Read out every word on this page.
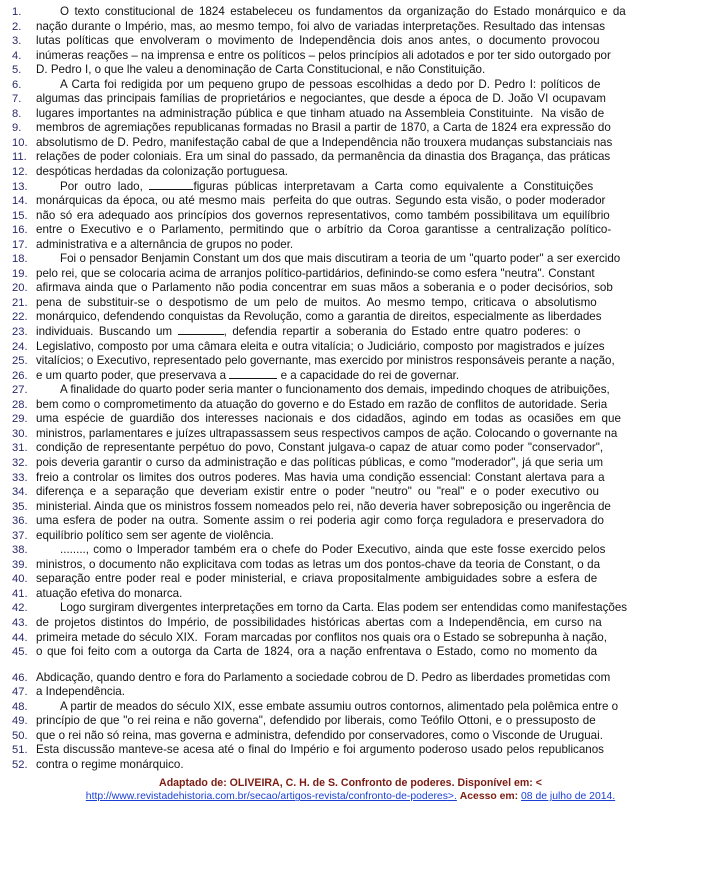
1.	O texto constitucional de 1824 estabeleceu os fundamentos da organização do Estado monárquico e da
2.	nação durante o Império, mas, ao mesmo tempo, foi alvo de variadas interpretações. Resultado das intensas
3.	lutas políticas que envolveram o movimento de Independência dois anos antes, o documento provocou
4.	inúmeras reações – na imprensa e entre os políticos – pelos princípios ali adotados e por ter sido outorgado por
5.	D. Pedro I, o que lhe valeu a denominação de Carta Constitucional, e não Constituição.
6.	A Carta foi redigida por um pequeno grupo de pessoas escolhidas a dedo por D. Pedro I: políticos de
7.	algumas das principais famílias de proprietários e negociantes, que desde a época de D. João VI ocupavam
8.	lugares importantes na administração pública e que tinham atuado na Assembleia Constituinte.  Na visão de
9.	membros de agremiações republicanas formadas no Brasil a partir de 1870, a Carta de 1824 era expressão do
10. absolutismo de D. Pedro, manifestação cabal de que a Independência não trouxera mudanças substanciais nas
11. relações de poder coloniais. Era um sinal do passado, da permanência da dinastia dos Bragança, das práticas
12. despóticas herdadas da colonização portuguesa.
13.	Por outro lado,	figuras públicas interpretavam a Carta como equivalente a Constituições
14. monárquicas da época, ou até mesmo mais  perfeita do que outras. Segundo esta visão, o poder moderador
15. não só era adequado aos princípios dos governos representativos, como também possibilitava um equilíbrio
16. entre o Executivo e o Parlamento, permitindo que o arbítrio da Coroa garantisse a centralização político-
17. administrativa e a alternância de grupos no poder.
18.	Foi o pensador Benjamin Constant um dos que mais discutiram a teoria de um "quarto poder" a ser exercido
19. pelo rei, que se colocaria acima de arranjos político-partidários, definindo-se como esfera "neutra". Constant
20. afirmava ainda que o Parlamento não podia concentrar em suas mãos a soberania e o poder decisórios, sob
21. pena de substituir-se o despotismo de um pelo de muitos. Ao mesmo tempo, criticava o absolutismo
22. monárquico, defendendo conquistas da Revolução, como a garantia de direitos, especialmente as liberdades
23. individuais. Buscando um	, defendia repartir a soberania do Estado entre quatro poderes: o
24. Legislativo, composto por uma câmara eleita e outra vitalícia; o Judiciário, composto por magistrados e juízes
25. vitalícios; o Executivo, representado pelo governante, mas exercido por ministros responsáveis perante a nação,
26. e um quarto poder, que preservava a	e a capacidade do rei de governar.
27.	A finalidade do quarto poder seria manter o funcionamento dos demais, impedindo choques de atribuições,
28. bem como o comprometimento da atuação do governo e do Estado em razão de conflitos de autoridade. Seria
29. uma espécie de guardião dos interesses nacionais e dos cidadãos, agindo em todas as ocasiões em que
30. ministros, parlamentares e juízes ultrapassassem seus respectivos campos de ação. Colocando o governante na
31. condição de representante perpétuo do povo, Constant julgava-o capaz de atuar como poder "conservador",
32. pois deveria garantir o curso da administração e das políticas públicas, e como "moderador", já que seria um
33. freio a controlar os limites dos outros poderes. Mas havia uma condição essencial: Constant alertava para a
34. diferença e a separação que deveriam existir entre o poder "neutro" ou "real" e o poder executivo ou
35. ministerial. Ainda que os ministros fossem nomeados pelo rei, não deveria haver sobreposição ou ingerência de
36. uma esfera de poder na outra. Somente assim o rei poderia agir como força reguladora e preservadora do
37. equilíbrio político sem ser agente de violência.
38.	........, como o Imperador também era o chefe do Poder Executivo, ainda que este fosse exercido pelos
39. ministros, o documento não explicitava com todas as letras um dos pontos-chave da teoria de Constant, o da
40. separação entre poder real e poder ministerial, e criava propositalmente ambiguidades sobre a esfera de
41. atuação efetiva do monarca.
42.	Logo surgiram divergentes interpretações em torno da Carta. Elas podem ser entendidas como manifestações
43. de projetos distintos do Império, de possibilidades históricas abertas com a Independência, em curso na
44. primeira metade do século XIX.  Foram marcadas por conflitos nos quais ora o Estado se sobrepunha à nação,
45. o que foi feito com a outorga da Carta de 1824, ora a nação enfrentava o Estado, como no momento da
46. Abdicação, quando dentro e fora do Parlamento a sociedade cobrou de D. Pedro as liberdades prometidas com
47. a Independência.
48.	A partir de meados do século XIX, esse embate assumiu outros contornos, alimentado pela polêmica entre o
49. princípio de que "o rei reina e não governa", defendido por liberais, como Teófilo Ottoni, e o pressuposto de
50. que o rei não só reina, mas governa e administra, defendido por conservadores, como o Visconde de Uruguai.
51. Esta discussão manteve-se acesa até o final do Império e foi argumento poderoso usado pelos republicanos
52. contra o regime monárquico.
Adaptado de: OLIVEIRA, C. H. de S. Confronto de poderes. Disponível em: <
http://www.revistadehistoria.com.br/secao/artigos-revista/confronto-de-poderes>. Acesso em: 08 de julho de 2014.
